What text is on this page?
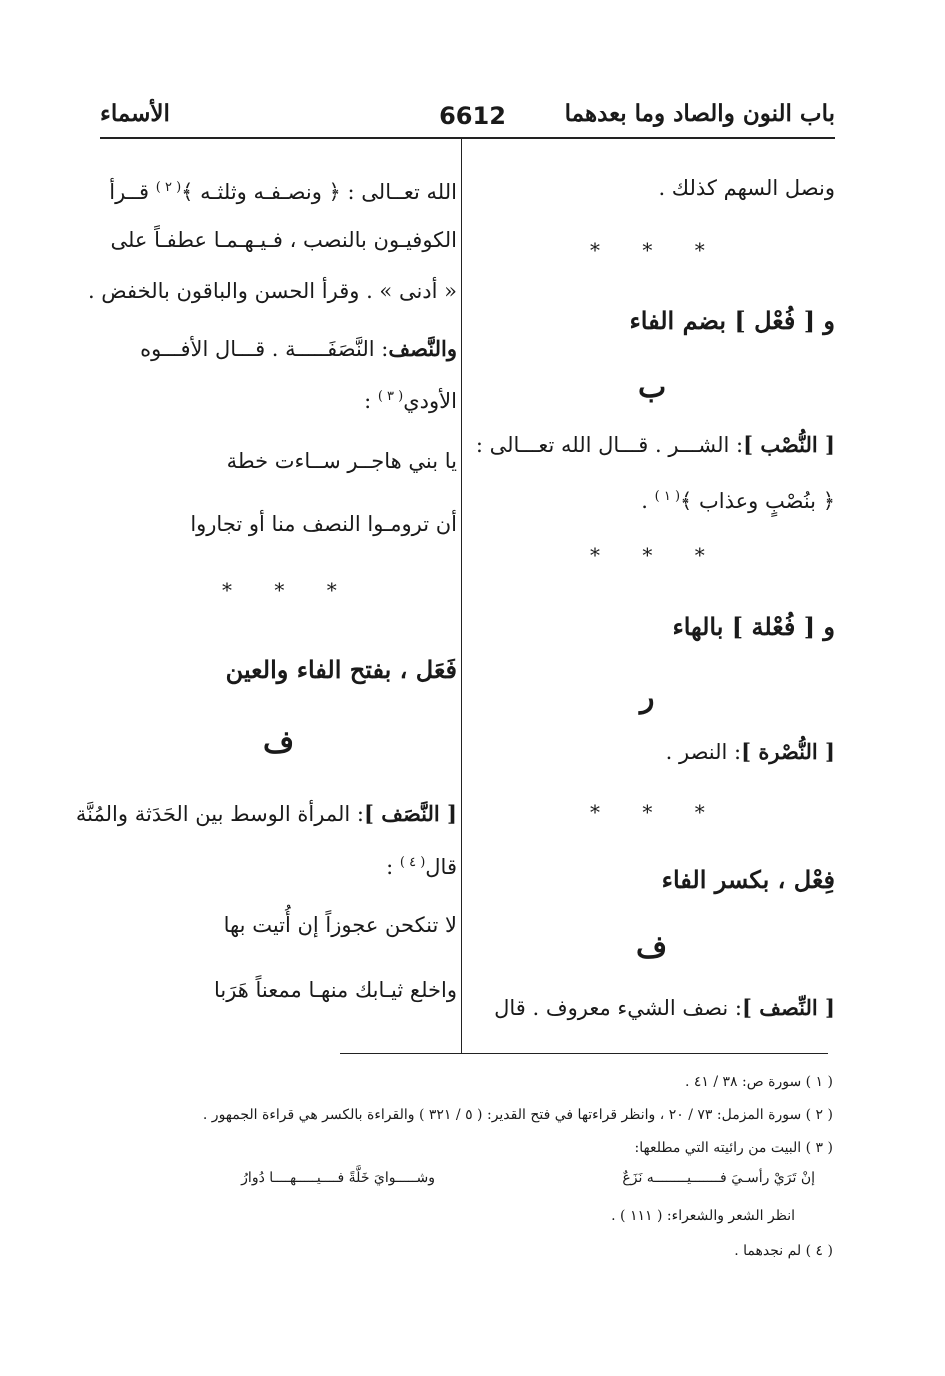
الأسماء	6612	باب النون والصاد وما بعدهما
ونصل السهم كذلك .
* * *
و [ فُعْل ] بضم الفاء
ب
[ النُّصْب ]: الشـــر . قـــال الله تعـــالى :
﴿ بنُصْبٍ وعذاب ﴾$^{( ١ )}$ .
* * *
و [ فُعْلة ] بالهاء
ر
[ النُّصْرة ]: النصر .
* * *
فِعْل ، بكسر الفاء
ف
[ النِّصف ]: نصف الشيء معروف . قال
الله تعــالى : ﴿ ونصـفـه وثلثـه ﴾$^{( ٢ )}$ قــرأ
الكوفيـون بالنصب ، فـيـهـمـا عطفـاً على
« أدنى » . وقرأ الحسن والباقون بالخفض .
والنَّصف: النَّصَفَـــــة . قـــال الأفـــوه
الأودي$^{( ٣ )}$ :
يا بني هاجــر ســاءت خطة
أن ترومـوا النصف منا أو تجاروا
* * *
فَعَل ، بفتح الفاء والعين
ف
[ النَّصَف ]: المرأة الوسط بين الحَدَثة والمُنَّة
قال$^{( ٤ )}$ :
لا تنكحن عجوزاً إن أُتيت بها
واخلع ثيـابك منهـا ممعناً هَرَبا
( ١ ) سورة ص: ٣٨ / ٤١ .
( ٢ ) سورة المزمل: ٧٣ / ٢٠ ، وانظر قراءتها في فتح القدير: ( ٥ / ٣٢١ ) والقراءة بالكسر هي قراءة الجمهور .
( ٣ ) البيت من رائيته التي مطلعها:
إنْ تَرَيْ رأسـيَ فـــــــيــــــــه نَزَعٌ
وشـــــوايَ خَلَّةً فــــيـــــهــــا دُوارُ
انظر الشعر والشعراء: ( ١١١ ) .
( ٤ ) لم نجدهما .
